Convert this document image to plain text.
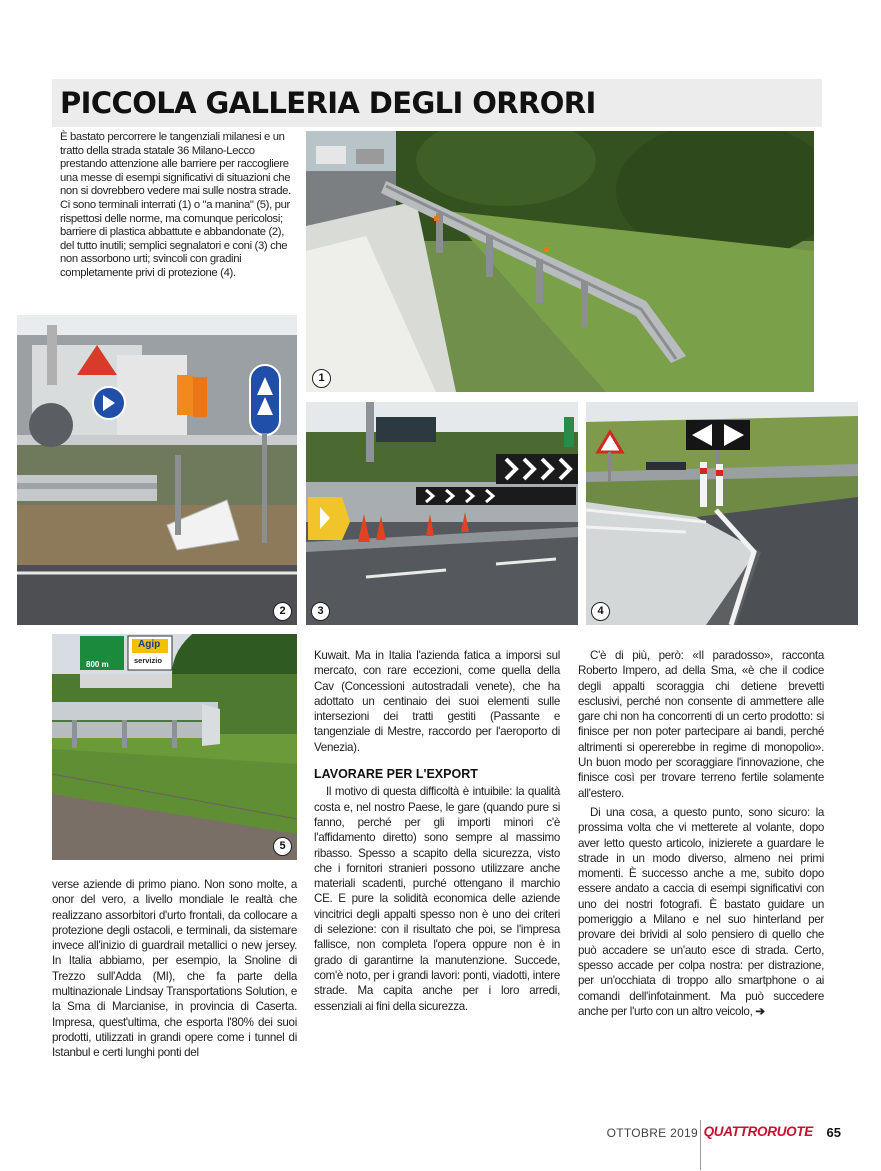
PICCOLA GALLERIA DEGLI ORRORI

È bastato percorrere le tangenziali milanesi e un tratto della strada statale 36 Milano-Lecco prestando attenzione alle barriere per raccogliere una messe di esempi significativi di situazioni che non si dovrebbero vedere mai sulle nostra strade. Ci sono terminali interrati (1) o "a manina" (5), pur rispettosi delle norme, ma comunque pericolosi; barriere di plastica abbattute e abbandonate (2), del tutto inutili; semplici segnalatori e coni (3) che non assorbono urti; svincoli con gradini completamente privi di protezione (4).

1
2	3	4
800 m
Agip
servizio
5

verse aziende di primo piano. Non sono molte, a onor del vero, a livello mondiale le realtà che realizzano assorbitori d'urto frontali, da collocare a protezione degli ostacoli, e terminali, da sistemare invece all'inizio di guardrail metallici o new jersey. In Italia abbiamo, per esempio, la Snoline di Trezzo sull'Adda (MI), che fa parte della multinazionale Lindsay Transportations Solution, e la Sma di Marcianise, in provincia di Caserta. Impresa, quest'ultima, che esporta l'80% dei suoi prodotti, utilizzati in grandi opere come i tunnel di Istanbul e certi lunghi ponti del

Kuwait. Ma in Italia l'azienda fatica a imporsi sul mercato, con rare eccezioni, come quella della Cav (Concessioni autostradali venete), che ha adottato un centinaio dei suoi elementi sulle intersezioni dei tratti gestiti (Passante e tangenziale di Mestre, raccordo per l'aeroporto di Venezia).

LAVORARE PER L'EXPORT

Il motivo di questa difficoltà è intuibile: la qualità costa e, nel nostro Paese, le gare (quando pure si fanno, perché per gli importi minori c'è l'affidamento diretto) sono sempre al massimo ribasso. Spesso a scapito della sicurezza, visto che i fornitori stranieri possono utilizzare anche materiali scadenti, purché ottengano il marchio CE. E pure la solidità economica delle aziende vincitrici degli appalti spesso non è uno dei criteri di selezione: con il risultato che poi, se l'impresa fallisce, non completa l'opera oppure non è in grado di garantirne la manutenzione. Succede, com'è noto, per i grandi lavori: ponti, viadotti, intere strade. Ma capita anche per i loro arredi, essenziali ai fini della sicurezza.

C'è di più, però: «Il paradosso», racconta Roberto Impero, ad della Sma, «è che il codice degli appalti scoraggia chi detiene brevetti esclusivi, perché non consente di ammettere alle gare chi non ha concorrenti di un certo prodotto: si finisce per non poter partecipare ai bandi, perché altrimenti si opererebbe in regime di monopolio». Un buon modo per scoraggiare l'innovazione, che finisce così per trovare terreno fertile solamente all'estero.

Di una cosa, a questo punto, sono sicuro: la prossima volta che vi metterete al volante, dopo aver letto questo articolo, inizierete a guardare le strade in un modo diverso, almeno nei primi momenti. È successo anche a me, subito dopo essere andato a caccia di esempi significativi con uno dei nostri fotografi. È bastato guidare un pomeriggio a Milano e nel suo hinterland per provare dei brividi al solo pensiero di quello che può accadere se un'auto esce di strada. Certo, spesso accade per colpa nostra: per distrazione, per un'occhiata di troppo allo smartphone o ai comandi dell'infotainment. Ma può succedere anche per l'urto con un altro veicolo, ➔

OTTOBRE 2019 QUATTRORUOTE 65
